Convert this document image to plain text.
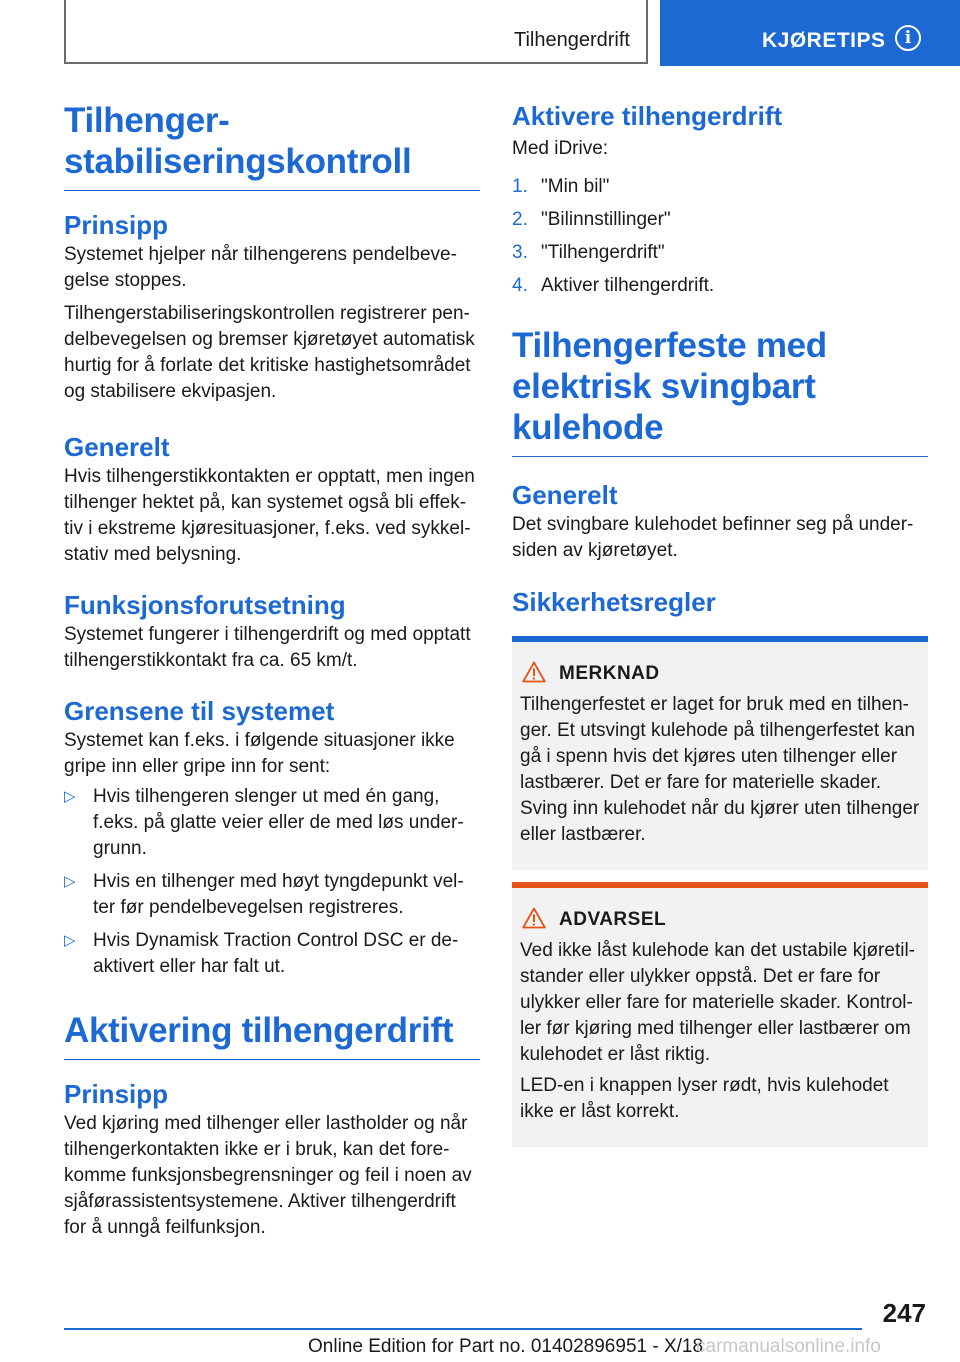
Tilhengerdrift	KJØRETIPS	i
Tilhenger-
stabiliseringskontroll
Prinsipp

Systemet hjelper når tilhengerens pendelbeve-
gelse stoppes.

Tilhengerstabiliseringskontrollen registrerer pen-
delbevegelsen og bremser kjøretøyet automatisk
hurtig for å forlate det kritiske hastighetsområdet
og stabilisere ekvipasjen.

Generelt

Hvis tilhengerstikkontakten er opptatt, men ingen
tilhenger hektet på, kan systemet også bli effek-
tiv i ekstreme kjøresituasjoner, f.eks. ved sykkel-
stativ med belysning.

Funksjonsforutsetning

Systemet fungerer i tilhengerdrift og med opptatt
tilhengerstikkontakt fra ca. 65 km/t.

Grensene til systemet

Systemet kan f.eks. i følgende situasjoner ikke
gripe inn eller gripe inn for sent:

▷ Hvis tilhengeren slenger ut med én gang,
f.eks. på glatte veier eller de med løs under-
grunn.
▷ Hvis en tilhenger med høyt tyngdepunkt vel-
ter før pendelbevegelsen registreres.
▷ Hvis Dynamisk Traction Control DSC er de-
aktivert eller har falt ut.
Aktivering tilhengerdrift
Prinsipp

Ved kjøring med tilhenger eller lastholder og når
tilhengerkontakten ikke er i bruk, kan det fore-
komme funksjonsbegrensninger og feil i noen av
sjåførassistentsystemene. Aktiver tilhengerdrift
for å unngå feilfunksjon.

Aktivere tilhengerdrift

Med iDrive:

1. "Min bil"
2. "Bilinnstillinger"
3. "Tilhengerdrift"
4. Aktiver tilhengerdrift.
Tilhengerfeste med
elektrisk svingbart
kulehode
Generelt

Det svingbare kulehodet befinner seg på under-
siden av kjøretøyet.

Sikkerhetsregler
MERKNAD

Tilhengerfestet er laget for bruk med en tilhen-
ger. Et utsvingt kulehode på tilhengerfestet kan
gå i spenn hvis det kjøres uten tilhenger eller
lastbærer. Det er fare for materielle skader.
Sving inn kulehodet når du kjører uten tilhenger
eller lastbærer.

ADVARSEL

Ved ikke låst kulehode kan det ustabile kjøretil-
stander eller ulykker oppstå. Det er fare for
ulykker eller fare for materielle skader. Kontrol-
ler før kjøring med tilhenger eller lastbærer om
kulehodet er låst riktig.

LED-en i knappen lyser rødt, hvis kulehodet
ikke er låst korrekt.

247
Online Edition for Part no. 01402896951 - X/18
carmanualsonline.info
